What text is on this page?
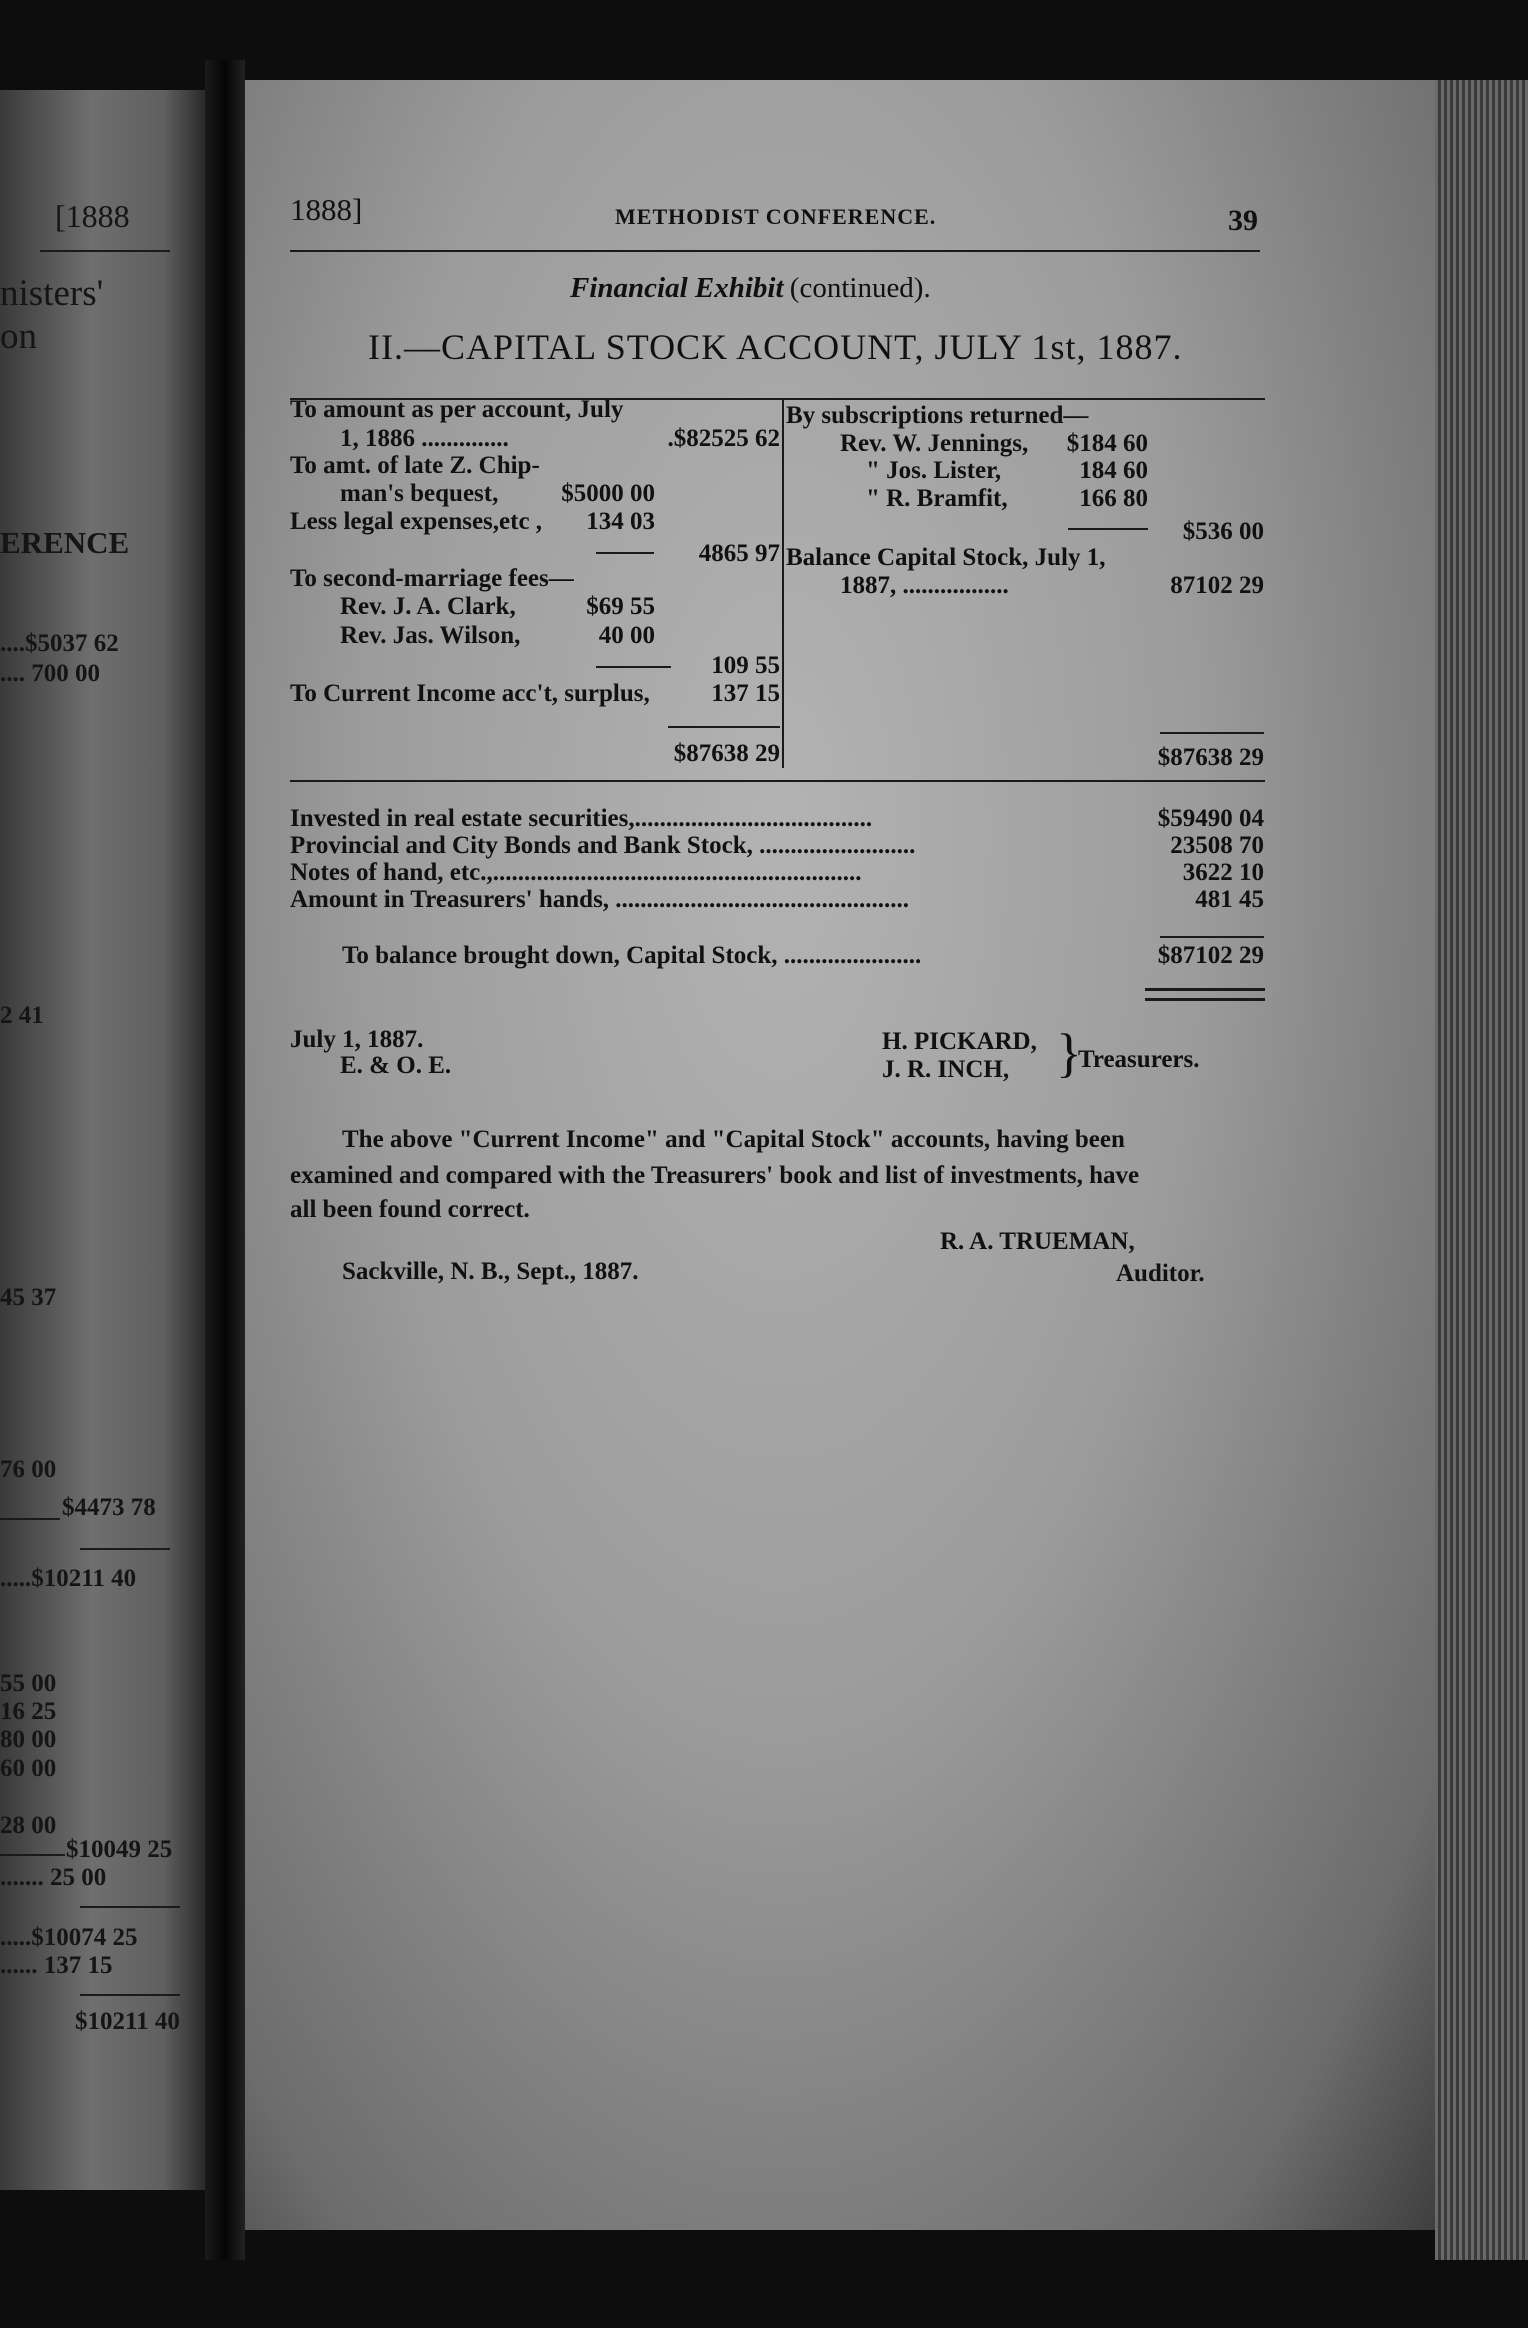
[1888
nisters'
on
ERENCE
....$5037 62
.... 700 00
2 41
45 37
76 00
$4473 78
.....$10211 40
55 00
16 25
80 00
60 00
28 00
$10049 25
....... 25 00
.....$10074 25
...... 137 15
$10211 40
1888]	METHODIST CONFERENCE.	39
Financial Exhibit (continued).
II.—CAPITAL STOCK ACCOUNT, JULY 1st, 1887.
To amount as per account, July
1, 1886 ..............	.$82525 62
To amt. of late Z. Chip-
man's bequest,	$5000 00
Less legal expenses,etc ,	134 03
4865 97
To second-marriage fees—
Rev. J. A. Clark,	$69 55
Rev. Jas. Wilson,	40 00
109 55
To Current Income acc't, surplus,	137 15
$87638 29
By subscriptions returned—
Rev. W. Jennings,	$184 60
" Jos. Lister,	184 60
" R. Bramfit,	166 80
$536 00
Balance Capital Stock, July 1,
1887, .................	87102 29
$87638 29
Invested in real estate securities,......................................	$59490 04
Provincial and City Bonds and Bank Stock, .........................	23508 70
Notes of hand, etc.,...........................................................	3622 10
Amount in Treasurers' hands, ...............................................	481 45
To balance brought down, Capital Stock, ......................	$87102 29
July 1, 1887.
E. & O. E.
H. PICKARD,
J. R. INCH, }
Treasurers.
The above "Current Income" and "Capital Stock" accounts, having been
examined and compared with the Treasurers' book and list of investments, have
all been found correct.
R. A. TRUEMAN,
Sackville, N. B., Sept., 1887.	Auditor.
